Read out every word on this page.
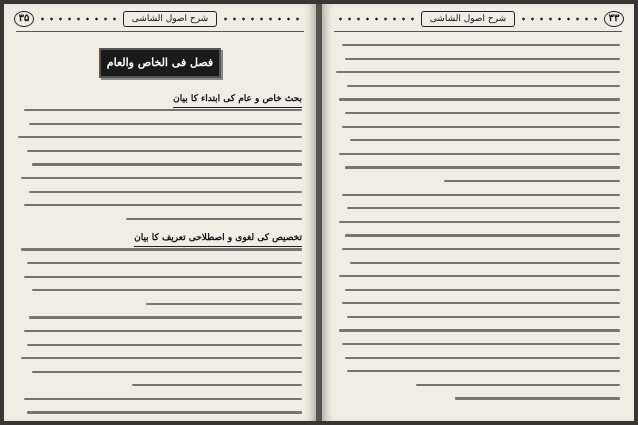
۳۵	شرح اصول الشاشی
فصل فی الخاص والعام
بحث خاص و عام کی ابتداء کا بیان
تخصیص کی لغوی و اصطلاحی تعریف کا بیان
شرح اصول الشاشی	۳۳
